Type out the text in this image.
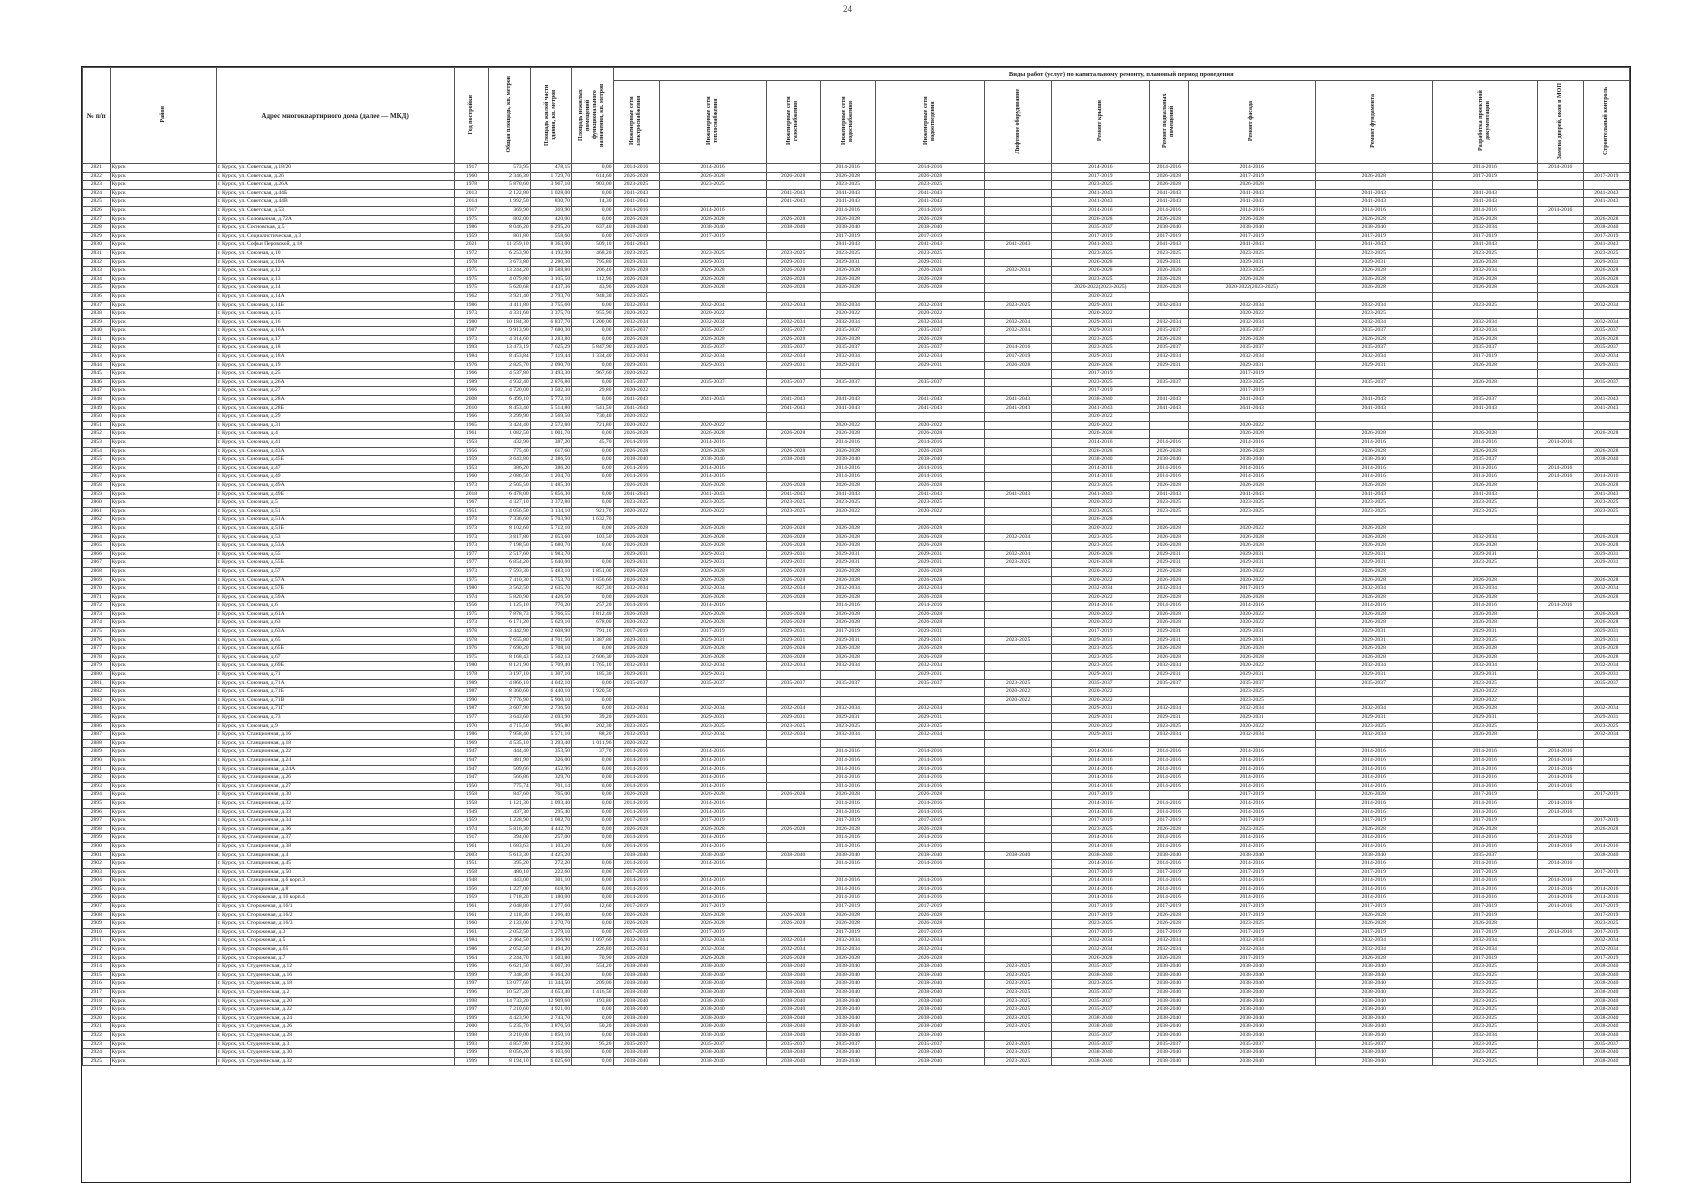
24
№ п/п	Район	Адрес многоквартирного дома (далее — МКД)	Год постройки	Общая площадь, кв. метров	Площадь жилой части здания, кв. метров	Площадь нежилых помещений функционального назначения, кв. метров	Виды работ (услуг) по капитальному ремонту, плановый период проведения												
							Инженерные сети электроснабжения	Инженерные сети теплоснабжения	Инженерные сети газоснабжения	Инженерные сети водоснабжения	Инженерные сети водоотведения	Лифтовое оборудование	Ремонт крыши	Ремонт подвальных помещений	Ремонт фасада	Ремонт фундамента	Разработка проектной документации	Замена дверей, окон в МОП	Строительный контроль
2821	Курск	г. Курск, ул. Советская, д.18/20	1917	573,95	478,15	0,00	2014-2016	2014-2016		2014-2016	2014-2016		2014-2016	2014-2016	2014-2016		2014-2016	2014-2016	
2822	Курск	г. Курск, ул. Советская, д.26	1960	2 346,30	1 729,70	614,60	2026-2028	2026-2028	2026-2028	2026-2028	2026-2028		2017-2019	2026-2028	2017-2019	2026-2028	2017-2019		2017-2019
2823	Курск	г. Курск, ул. Советская, д.26А	1978	5 870,60	3 967,10	903,00	2023-2025	2023-2025		2023-2025	2023-2025		2023-2025	2026-2028	2026-2028				
2824	Курск	г. Курск, ул. Советская, д.44Б	2013	2 122,80	1 028,00	0,00	2041-2043		2041-2043	2041-2043	2041-2043		2041-2043	2041-2043	2041-2043	2041-2043	2041-2043		2041-2043
2825	Курск	г. Курск, ул. Советская, д.44В	2014	1 992,50	830,70	14,30	2041-2043		2041-2043	2041-2043	2041-2043		2041-2043	2041-2043	2041-2043	2041-2043	2041-2043		2041-2043
2826	Курск	г. Курск, ул. Советская, д.53	1917	369,90	369,90	0,00	2014-2016	2014-2016		2014-2016	2014-2016		2014-2016	2014-2016	2014-2016	2014-2016	2014-2016	2014-2016	
2827	Курск	г. Курск, ул. Соловьиная, д.72А	1975	802,00	420,00	0,00	2026-2028	2026-2028	2026-2028	2026-2028	2026-2028		2026-2028	2026-2028	2026-2028	2026-2028	2026-2028		2026-2028
2828	Курск	г. Курск, ул. Сосновская, д.5	1986	8 046,20	6 295,20	637,40	2038-2040	2038-2040	2038-2040	2038-2040	2038-2040		2035-2037	2038-2040	2038-2040	2038-2040	2032-2034		2038-2040
2829	Курск	г. Курск, ул. Социалистическая, д.3	1959	801,80	558,60	0,00	2017-2019	2017-2019		2017-2019	2017-2019		2017-2019	2017-2019	2017-2019	2017-2019	2017-2019		2017-2019
2830	Курск	г. Курск, ул. Софьи Перовской, д.18	2021	11 259,10	8 363,00	509,10	2041-2043			2041-2043	2041-2043	2041-2043	2041-2043	2041-2043	2041-2043	2041-2043	2041-2043		2041-2043
2831	Курск	г. Курск, ул. Союзная, д.10	1972	6 253,90	4 192,90	468,20	2023-2025	2023-2025	2023-2025	2023-2025	2023-2025		2023-2025	2023-2025	2023-2025	2023-2025	2023-2025		2023-2025
2832	Курск	г. Курск, ул. Союзная, д.10А	1978	3 673,80	2 280,30	795,80	2029-2031	2029-2031	2029-2031	2029-2031	2029-2031		2026-2028	2029-2031	2029-2031	2029-2031	2026-2028		2029-2031
2833	Курск	г. Курск, ул. Союзная, д.12	1975	13 244,20	10 588,80	206,40	2026-2028	2026-2028	2026-2028	2026-2028	2026-2028	2032-2034	2026-2028	2026-2028	2023-2025	2026-2028	2032-2034		2026-2028
2834	Курск	г. Курск, ул. Союзная, д.13	1975	4 079,80	3 105,50	112,90	2026-2028	2026-2028	2026-2028	2026-2028	2026-2028		2023-2025	2026-2028	2026-2028	2026-2028	2026-2028		2026-2028
2835	Курск	г. Курск, ул. Союзная, д.14	1975	5 620,68	4 437,36	43,90	2026-2028	2026-2028	2026-2028	2026-2028	2026-2028		2020-2022(2023-2025)	2026-2028	2020-2022(2023-2025)	2026-2028	2026-2028		2026-2028
2836	Курск	г. Курск, ул. Союзная, д.14А	1962	3 921,40	2 793,70	948,30	2023-2025						2020-2022						
2837	Курск	г. Курск, ул. Союзная, д.14Б	1986	4 411,80	3 755,60	0,00	2032-2034	2032-2034	2032-2034	2032-2034	2032-2034	2023-2025	2029-2031	2032-2034	2032-2034	2032-2034	2023-2025		2032-2034
2838	Курск	г. Курск, ул. Союзная, д.15	1973	4 331,60	3 375,70	955,90	2020-2022	2020-2022		2020-2022	2020-2022		2020-2022		2020-2022	2023-2025			
2839	Курск	г. Курск, ул. Союзная, д.16	1980	10 184,30	6 837,70	1 200,00	2032-2034	2032-2034	2032-2034	2032-2034	2032-2034	2032-2034	2029-2031	2032-2034	2032-2034	2032-2034	2032-2034		2032-2034
2840	Курск	г. Курск, ул. Союзная, д.16А	1987	9 913,90	7 680,30	0,00	2035-2037	2035-2037	2035-2037	2035-2037	2035-2037	2032-2034	2029-2031	2035-2037	2035-2037	2035-2037	2032-2034		2035-2037
2841	Курск	г. Курск, ул. Союзная, д.17	1973	4 314,60	3 283,80	0,00	2026-2028	2026-2028	2026-2028	2026-2028	2026-2028		2023-2025	2026-2028	2026-2028	2026-2028	2026-2028		2026-2028
2842	Курск	г. Курск, ул. Союзная, д.18	1993	13 473,19	7 625,29	5 847,90	2023-2025	2035-2037	2035-2037	2035-2037	2035-2037	2014-2016	2023-2025	2035-2037	2035-2037	2035-2037	2035-2037		2035-2037
2843	Курск	г. Курск, ул. Союзная, д.18А	1984	8 453,84	7 119,44	1 334,40	2032-2034	2032-2034	2032-2034	2032-2034	2032-2034	2017-2019	2029-2031	2032-2034	2032-2034	2032-2034	2017-2019		2032-2034
2844	Курск	г. Курск, ул. Союзная, д.19	1976	2 825,70	2 090,70	0,00	2029-2031	2029-2031	2029-2031	2029-2031	2029-2031	2026-2028	2026-2028	2029-2031	2029-2031	2029-2031	2026-2028		2029-2031
2845	Курск	г. Курск, ул. Союзная, д.25	1966	4 537,80	3 493,30	967,60	2020-2022						2017-2019		2017-2019				
2846	Курск	г. Курск, ул. Союзная, д.26А	1989	4 932,40	2 876,80	0,00	2035-2037	2035-2037	2035-2037	2035-2037	2035-2037		2023-2025	2035-2037	2023-2025	2035-2037	2026-2028		2035-2037
2847	Курск	г. Курск, ул. Союзная, д.27	1966	4 720,00	3 502,30	29,80	2020-2022						2017-2019		2017-2019				
2848	Курск	г. Курск, ул. Союзная, д.28А	2008	6 499,10	5 772,10	0,00	2041-2043	2041-2043	2041-2043	2041-2043	2041-2043	2041-2043	2038-2040	2041-2043	2041-2043	2041-2043	2035-2037		2041-2043
2849	Курск	г. Курск, ул. Союзная, д.28Б	2010	8 453,40	5 514,80	541,50	2041-2043		2041-2043	2041-2043	2041-2043	2041-2043	2041-2043	2041-2043	2041-2043	2041-2043	2041-2043		2041-2043
2850	Курск	г. Курск, ул. Союзная, д.29	1966	3 299,90	2 569,50	730,40	2020-2022						2020-2022						
2851	Курск	г. Курск, ул. Союзная, д.31	1965	3 424,40	2 572,80	721,80	2020-2022	2020-2022		2020-2022	2020-2022		2020-2022		2020-2022				
2852	Курск	г. Курск, ул. Союзная, д.4	1961	1 082,50	1 001,70	0,00	2026-2028	2026-2028	2026-2028	2026-2028	2026-2028		2026-2028		2026-2028	2026-2028	2026-2028		2026-2028
2853	Курск	г. Курск, ул. Союзная, д.41	1953	432,90	387,20	45,70	2014-2016	2014-2016		2014-2016	2014-2016		2014-2016	2014-2016	2014-2016	2014-2016	2014-2016	2014-2016	
2854	Курск	г. Курск, ул. Союзная, д.43А	1956	775,40	617,60	0,00	2026-2028	2026-2028	2026-2028	2026-2028	2026-2028		2026-2028	2026-2028	2026-2028	2026-2028	2026-2028		2026-2028
2855	Курск	г. Курск, ул. Союзная, д.45Б	1959	3 643,80	2 386,50	0,00	2038-2040	2038-2040	2038-2040	2038-2040	2038-2040		2038-2040	2038-2040	2038-2040	2038-2040	2035-2037		2038-2040
2856	Курск	г. Курск, ул. Союзная, д.47	1953	386,20	386,20	0,00	2014-2016	2014-2016		2014-2016	2014-2016		2014-2016	2014-2016	2014-2016	2014-2016	2014-2016	2014-2016	
2857	Курск	г. Курск, ул. Союзная, д.49	1960	2 086,50	1 204,70	0,00	2014-2016	2014-2016		2014-2016	2014-2016		2014-2016	2014-2016	2014-2016	2014-2016	2014-2016	2014-2016	2014-2016
2858	Курск	г. Курск, ул. Союзная, д.49А	1973	2 505,50	1 485,30		2026-2028	2026-2028	2026-2028	2026-2028	2026-2028		2023-2025	2026-2028	2026-2028	2026-2028	2026-2028		2026-2028
2859	Курск	г. Курск, ул. Союзная, д.49Б	2018	6 478,00	5 856,30	0,00	2041-2043	2041-2043	2041-2043	2041-2043	2041-2043	2041-2043	2041-2043	2041-2043	2041-2043	2041-2043	2041-2043		2041-2043
2860	Курск	г. Курск, ул. Союзная, д.5	1967	4 327,10	3 372,80	0,00	2023-2025	2023-2025	2023-2025	2023-2025	2023-2025		2020-2022	2023-2025	2023-2025	2023-2025	2023-2025		2023-2025
2861	Курск	г. Курск, ул. Союзная, д.51	1951	4 056,50	3 134,10	921,70	2020-2022	2020-2022	2023-2025	2020-2022	2020-2022		2023-2025	2023-2025	2023-2025	2023-2025	2023-2025		2023-2025
2862	Курск	г. Курск, ул. Союзная, д.51А	1973	7 336,60	5 703,90	1 632,70							2026-2028						
2863	Курск	г. Курск, ул. Союзная, д.51Б	1973	8 102,60	5 712,10	0,00	2026-2028	2026-2028	2026-2028	2026-2028	2026-2028		2020-2022	2026-2028	2020-2022	2026-2028			
2864	Курск	г. Курск, ул. Союзная, д.53	1973	3 817,80	2 053,60	103,50	2026-2028	2026-2028	2026-2028	2026-2028	2026-2028	2032-2034	2023-2025	2026-2028	2026-2028	2026-2028	2032-2034		2026-2028
2865	Курск	г. Курск, ул. Союзная, д.53А	1973	7 198,50	5 680,70	0,00	2026-2028	2026-2028	2026-2028	2026-2028	2026-2028		2023-2025	2026-2028	2026-2028	2026-2028	2026-2028		2026-2028
2866	Курск	г. Курск, ул. Союзная, д.55	1977	2 517,60	1 983,70		2029-2031	2029-2031	2029-2031	2029-2031	2029-2031	2032-2034	2026-2028	2029-2031	2029-2031	2029-2031	2029-2031		2029-2031
2867	Курск	г. Курск, ул. Союзная, д.55Б	1977	6 854,20	5 640,00	0,00	2029-2031	2029-2031	2029-2031	2029-2031	2029-2031	2023-2025	2026-2028	2029-2031	2029-2031	2029-2031	2023-2025		2029-2031
2868	Курск	г. Курск, ул. Союзная, д.57	1973	7 593,30	5 483,10	1 851,00	2026-2028	2026-2028	2026-2028	2026-2028	2026-2028		2020-2022	2026-2028	2020-2022	2026-2028			
2869	Курск	г. Курск, ул. Союзная, д.57А	1975	7 410,30	5 753,70	1 656,60	2026-2028	2026-2028	2026-2028	2026-2028	2026-2028		2020-2022	2026-2028	2020-2022	2026-2028	2026-2028		2026-2028
2870	Курск	г. Курск, ул. Союзная, д.57Б	1980	3 562,50	2 635,70	827,30	2032-2034	2032-2034	2032-2034	2032-2034	2032-2034		2032-2034	2032-2034	2017-2019	2032-2034	2032-2034		2032-2034
2871	Курск	г. Курск, ул. Союзная, д.59А	1974	5 820,90	4 426,50	0,00	2026-2028	2026-2028	2026-2028	2026-2028	2026-2028		2020-2022	2026-2028	2026-2028	2026-2028	2026-2028		2026-2028
2872	Курск	г. Курск, ул. Союзная, д.6	1956	1 125,10	776,20	257,20	2014-2016	2014-2016		2014-2016	2014-2016		2014-2016	2014-2016	2014-2016	2014-2016	2014-2016	2014-2016	
2873	Курск	г. Курск, ул. Союзная, д.61А	1975	7 878,73	5 766,55	1 812,40	2026-2028	2026-2028	2026-2028	2026-2028	2026-2028		2020-2022	2026-2028	2020-2022	2026-2028	2026-2028		2026-2028
2874	Курск	г. Курск, ул. Союзная, д.63	1973	6 171,20	5 629,10	678,00	2020-2022	2026-2028	2026-2028	2026-2028	2026-2028		2020-2022	2026-2028	2020-2022	2026-2028	2026-2028		2026-2028
2875	Курск	г. Курск, ул. Союзная, д.63А	1978	3 442,90	2 608,90	791,10	2017-2019	2017-2019	2029-2031	2017-2019	2029-2031		2017-2019	2029-2031	2029-2031	2029-2031	2029-2031		2029-2031
2876	Курск	г. Курск, ул. Союзная, д.65	1978	7 655,80	4 701,50	1 387,80	2029-2031	2029-2031	2029-2031	2029-2031	2029-2031	2023-2025	2029-2031	2029-2031	2029-2031	2029-2031	2023-2025		2029-2031
2877	Курск	г. Курск, ул. Союзная, д.65Б	1976	7 690,20	5 708,10	0,00	2026-2028	2026-2028	2026-2028	2026-2028	2026-2028		2023-2025	2026-2028	2026-2028	2026-2028	2026-2028		2026-2028
2878	Курск	г. Курск, ул. Союзная, д.67	1975	8 168,43	5 562,13	2 606,30	2026-2028	2026-2028	2026-2028	2026-2028	2026-2028		2023-2025	2026-2028	2026-2028	2026-2028	2026-2028		2026-2028
2879	Курск	г. Курск, ул. Союзная, д.69Б	1980	8 121,90	5 709,40	1 765,10	2032-2034	2032-2034	2032-2034	2032-2034	2032-2034		2023-2025	2032-2034	2020-2022	2032-2034	2032-2034		2032-2034
2880	Курск	г. Курск, ул. Союзная, д.71	1978	3 197,10	1 307,10	185,30	2029-2031	2029-2031			2029-2031		2029-2031	2029-2031	2029-2031	2029-2031	2029-2031		2029-2031
2881	Курск	г. Курск, ул. Союзная, д.71А	1989	4 866,10	4 042,10	0,00	2035-2037	2035-2037	2035-2037	2035-2037	2035-2037	2023-2025	2035-2037	2035-2037	2035-2037	2035-2037	2023-2025		2035-2037
2882	Курск	г. Курск, ул. Союзная, д.71Б	1987	8 360,60	6 440,10	1 920,50						2020-2022	2020-2022		2023-2025		2020-2022		
2883	Курск	г. Курск, ул. Союзная, д.71В	1990	7 776,90	5 900,10	0,00						2020-2022	2020-2022		2023-2025		2020-2022		
2884	Курск	г. Курск, ул. Союзная, д.71Г	1987	3 607,90	2 736,50	0,00	2032-2034	2032-2034	2032-2034	2032-2034	2032-2034		2029-2031	2032-2034	2032-2034	2032-2034	2026-2028		2032-2034
2885	Курск	г. Курск, ул. Союзная, д.73	1977	3 643,60	2 693,90	39,20	2029-2031	2029-2031	2029-2031	2029-2031	2029-2031		2029-2031	2029-2031	2029-2031	2029-2031	2029-2031		2029-2031
2886	Курск	г. Курск, ул. Союзная, д.9	1970	4 715,50	995,80	202,30	2023-2025	2023-2025	2023-2025	2023-2025	2023-2025		2020-2022	2023-2025	2020-2022	2023-2025	2023-2025		2023-2025
2887	Курск	г. Курск, ул. Станционная, д.16	1986	7 958,40	5 571,10	88,20	2032-2034	2032-2034	2032-2034	2032-2034	2032-2034		2029-2031	2032-2034	2032-2034	2032-2034	2026-2028		2032-2034
2888	Курск	г. Курск, ул. Станционная, д.18	1969	4 535,10	3 293,40	1 011,90	2020-2022												
2889	Курск	г. Курск, ул. Станционная, д.22	1947	444,40	353,50	37,70	2014-2016	2014-2016		2014-2016	2014-2016		2014-2016	2014-2016	2014-2016	2014-2016	2014-2016	2014-2016	
2890	Курск	г. Курск, ул. Станционная, д.24	1947	481,90	326,00	0,00	2014-2016	2014-2016		2014-2016	2014-2016		2014-2016	2014-2016	2014-2016	2014-2016	2014-2016	2014-2016	
2891	Курск	г. Курск, ул. Станционная, д.24А	1947	509,66	452,96	0,00	2014-2016	2014-2016		2014-2016	2014-2016		2014-2016	2014-2016	2014-2016	2014-2016	2014-2016	2014-2016	
2892	Курск	г. Курск, ул. Станционная, д.26	1947	566,86	329,70	0,00	2014-2016	2014-2016		2014-2016	2014-2016		2014-2016	2014-2016	2014-2016	2014-2016	2014-2016	2014-2016	
2893	Курск	г. Курск, ул. Станционная, д.27	1950	775,74	701,14	0,00	2014-2016	2014-2016		2014-2016	2014-2016		2014-2016	2014-2016	2014-2016	2014-2016	2014-2016	2014-2016	
2894	Курск	г. Курск, ул. Станционная, д.30	1958	847,60	765,00	0,00	2026-2028	2026-2028	2026-2028	2026-2028	2026-2028		2017-2019		2017-2019	2026-2028	2017-2019		2017-2019
2895	Курск	г. Курск, ул. Станционная, д.32	1958	1 121,30	1 093,40	0,00	2014-2016	2014-2016		2014-2016	2014-2016		2014-2016	2014-2016	2014-2016	2014-2016	2014-2016	2014-2016	
2896	Курск	г. Курск, ул. Станционная, д.33	1949	437,30	295,40	0,00	2014-2016	2014-2016		2014-2016	2014-2016		2014-2016	2014-2016	2014-2016	2014-2016	2014-2016	2014-2016	
2897	Курск	г. Курск, ул. Станционная, д.34	1959	1 228,90	1 082,70	0,00	2017-2019	2017-2019		2017-2019	2017-2019		2017-2019	2017-2019	2017-2019	2017-2019	2017-2019		2017-2019
2898	Курск	г. Курск, ул. Станционная, д.36	1974	5 816,30	4 442,70	0,00	2026-2028	2026-2028	2026-2028	2026-2028	2026-2028		2023-2025	2026-2028	2023-2025	2026-2028	2026-2028		2026-2028
2899	Курск	г. Курск, ул. Станционная, д.37	1917	394,00	257,00	0,00	2014-2016	2014-2016		2014-2016	2014-2016		2014-2016	2014-2016	2014-2016	2014-2016	2014-2016	2014-2016	
2900	Курск	г. Курск, ул. Станционная, д.38	1961	1 683,63	1 103,20	0,00	2014-2016	2014-2016		2014-2016	2014-2016		2014-2016	2014-2016	2014-2016	2014-2016	2014-2016	2014-2016	2014-2016
2901	Курск	г. Курск, ул. Станционная, д.4	2003	5 613,30	4 425,20		2038-2040	2038-2040	2038-2040	2038-2040	2038-2040	2038-2040	2038-2040	2038-2040	2038-2040	2038-2040	2035-2037		2038-2040
2902	Курск	г. Курск, ул. Станционная, д.45	1951	395,20	272,20	0,00	2014-2016	2014-2016		2014-2016	2014-2016		2014-2016	2014-2016	2014-2016	2014-2016	2014-2016	2014-2016	
2903	Курск	г. Курск, ул. Станционная, д.50	1958	480,10	222,60	0,00	2017-2019						2017-2019	2017-2019	2017-2019	2017-2019	2017-2019		2017-2019
2904	Курск	г. Курск, ул. Станционная, д.6 корп.3	1948	443,00	301,10	0,00	2014-2016	2014-2016		2014-2016	2014-2016		2014-2016	2014-2016	2014-2016	2014-2016	2014-2016	2014-2016	
2905	Курск	г. Курск, ул. Станционная, д.8	1956	1 227,00	618,90	0,00	2014-2016	2014-2016		2014-2016	2014-2016		2014-2016	2014-2016	2014-2016	2014-2016	2014-2016	2014-2016	2014-2016
2906	Курск	г. Курск, ул. Стороженая, д.16 корп.4	1959	1 718,20	1 180,00	0,00	2014-2016	2014-2016		2014-2016	2014-2016		2014-2016	2014-2016	2014-2016	2014-2016	2014-2016	2014-2016	2014-2016
2907	Курск	г. Курск, ул. Стороженая, д.16/1	1961	2 048,80	1 277,60	12,60	2017-2019	2017-2019		2017-2019	2017-2019		2017-2019	2017-2019	2017-2019	2017-2019	2017-2019	2014-2016	2017-2019
2908	Курск	г. Курск, ул. Стороженая, д.16/2	1961	2 118,30	1 266,40	0,00	2026-2028	2026-2028	2026-2028	2026-2028	2026-2028		2017-2019	2026-2028	2017-2019	2026-2028	2017-2019		2017-2019
2909	Курск	г. Курск, ул. Стороженая, д.16/3	1960	2 133,00	1 270,70	0,00	2026-2028	2026-2028	2026-2028	2026-2028	2026-2028		2023-2025	2026-2028	2023-2025	2026-2028	2026-2028		2023-2025
2910	Курск	г. Курск, ул. Стороженая, д.3	1961	2 052,50	1 279,10	0,00	2017-2019	2017-2019		2017-2019	2017-2019		2017-2019	2017-2019	2017-2019	2017-2019	2017-2019	2014-2016	2017-2019
2911	Курск	г. Курск, ул. Стороженая, д.5	1984	2 464,50	1 366,90	1 097,60	2032-2034	2032-2034	2032-2034	2032-2034	2032-2034		2032-2034	2032-2034	2032-2034	2032-2034	2032-2034		2032-2034
2912	Курск	г. Курск, ул. Стороженая, д.65	1986	2 052,50	1 494,20	226,80	2032-2034	2032-2034	2032-2034	2032-2034	2032-2034		2032-2034	2032-2034	2032-2034	2032-2034	2032-2034		2032-2034
2913	Курск	г. Курск, ул. Стороженая, д.7	1964	2 244,70	1 503,80	70,90	2026-2028	2026-2028	2026-2028	2026-2028	2026-2028		2026-2028	2026-2028	2017-2019	2026-2028	2017-2019		2017-2019
2914	Курск	г. Курск, ул. Студенческая, д.12	1996	6 621,50	6 067,30	554,20	2038-2040	2038-2040	2038-2040	2038-2040	2038-2040	2023-2025	2035-2037	2038-2040	2038-2040	2038-2040	2023-2025		2038-2040
2915	Курск	г. Курск, ул. Студенческая, д.16	1999	7 348,30	6 164,20	0,00	2038-2040	2038-2040	2038-2040	2038-2040	2038-2040	2023-2025	2038-2040	2038-2040	2038-2040	2038-2040	2023-2025		2038-2040
2916	Курск	г. Курск, ул. Студенческая, д.18	1997	13 077,60	11 344,50	209,00	2038-2040	2038-2040	2038-2040	2038-2040	2038-2040	2023-2025	2023-2025	2038-2040	2038-2040	2038-2040	2023-2025		2038-2040
2917	Курск	г. Курск, ул. Студенческая, д.2	1996	10 527,20	4 653,40	1 416,50	2038-2040	2038-2040	2038-2040	2038-2040	2038-2040	2023-2025	2035-2037	2038-2040	2038-2040	2038-2040	2023-2025		2038-2040
2918	Курск	г. Курск, ул. Студенческая, д.20	1998	14 733,20	12 909,60	193,80	2038-2040	2038-2040	2038-2040	2038-2040	2038-2040	2023-2025	2035-2037	2038-2040	2038-2040	2038-2040	2023-2025		2038-2040
2919	Курск	г. Курск, ул. Студенческая, д.22	1997	7 210,60	4 921,00	0,00	2038-2040	2038-2040	2038-2040	2038-2040	2038-2040	2023-2025	2035-2037	2038-2040	2038-2040	2038-2040	2023-2025		2038-2040
2920	Курск	г. Курск, ул. Студенческая, д.24	1999	4 423,90	2 743,70	0,00	2038-2040	2038-2040	2038-2040	2038-2040	2038-2040	2023-2025	2038-2040	2038-2040	2038-2040	2038-2040	2023-2025		2038-2040
2921	Курск	г. Курск, ул. Студенческая, д.26	2000	5 235,70	3 876,50	50,20	2038-2040	2038-2040	2038-2040	2038-2040	2038-2040	2023-2025	2038-2040	2038-2040	2038-2040	2038-2040	2023-2025		2038-2040
2922	Курск	г. Курск, ул. Студенческая, д.28	1998	3 210,00	1 850,10	0,00	2038-2040	2038-2040	2038-2040	2038-2040	2038-2040		2035-2037	2038-2040	2038-2040	2038-2040	2032-2034		2038-2040
2923	Курск	г. Курск, ул. Студенческая, д.3	1993	4 857,90	3 252,00	95,20	2035-2037	2035-2037	2035-2037	2035-2037	2035-2037	2023-2025	2035-2037	2035-2037	2035-2037	2035-2037	2023-2025		2035-2037
2924	Курск	г. Курск, ул. Студенческая, д.30	1999	8 056,20	6 163,60	0,00	2038-2040	2038-2040	2038-2040	2038-2040	2038-2040	2023-2025	2038-2040	2038-2040	2038-2040	2038-2040	2023-2025		2038-2040
2925	Курск	г. Курск, ул. Студенческая, д.32	1999	8 194,10	6 025,60	0,00	2038-2040	2038-2040	2038-2040	2038-2040	2038-2040	2023-2025	2038-2040	2038-2040	2038-2040	2038-2040	2023-2025		2038-2040
